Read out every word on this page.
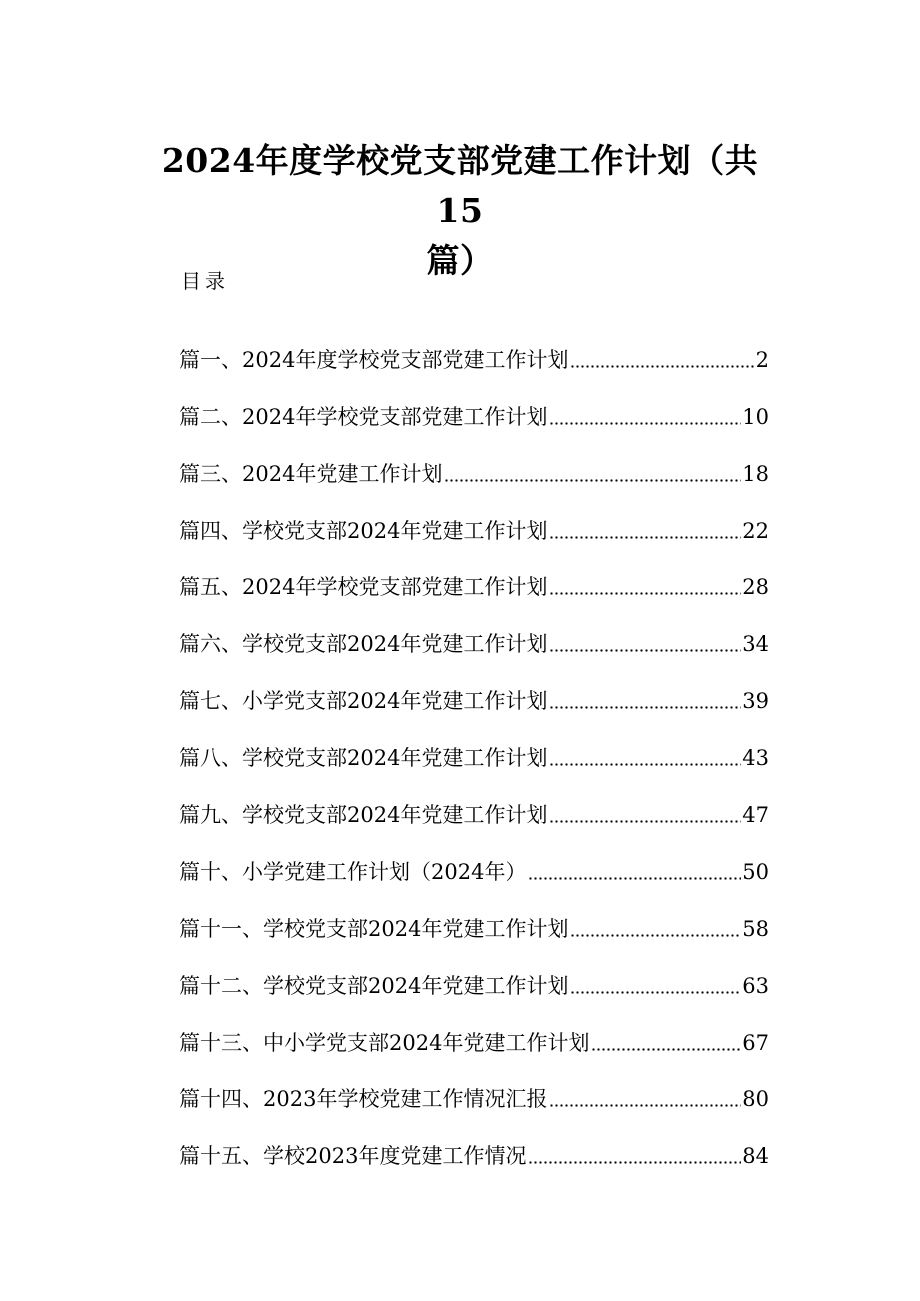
2024年度学校党支部党建工作计划（共15
篇）
目录
篇一、2024年度学校党支部党建工作计划	2
篇二、2024年学校党支部党建工作计划	10
篇三、2024年党建工作计划	18
篇四、学校党支部2024年党建工作计划	22
篇五、2024年学校党支部党建工作计划	28
篇六、学校党支部2024年党建工作计划	34
篇七、小学党支部2024年党建工作计划	39
篇八、学校党支部2024年党建工作计划	43
篇九、学校党支部2024年党建工作计划	47
篇十、小学党建工作计划（2024年）	50
篇十一、学校党支部2024年党建工作计划	58
篇十二、学校党支部2024年党建工作计划	63
篇十三、中小学党支部2024年党建工作计划	67
篇十四、2023年学校党建工作情况汇报	80
篇十五、学校2023年度党建工作情况	84
